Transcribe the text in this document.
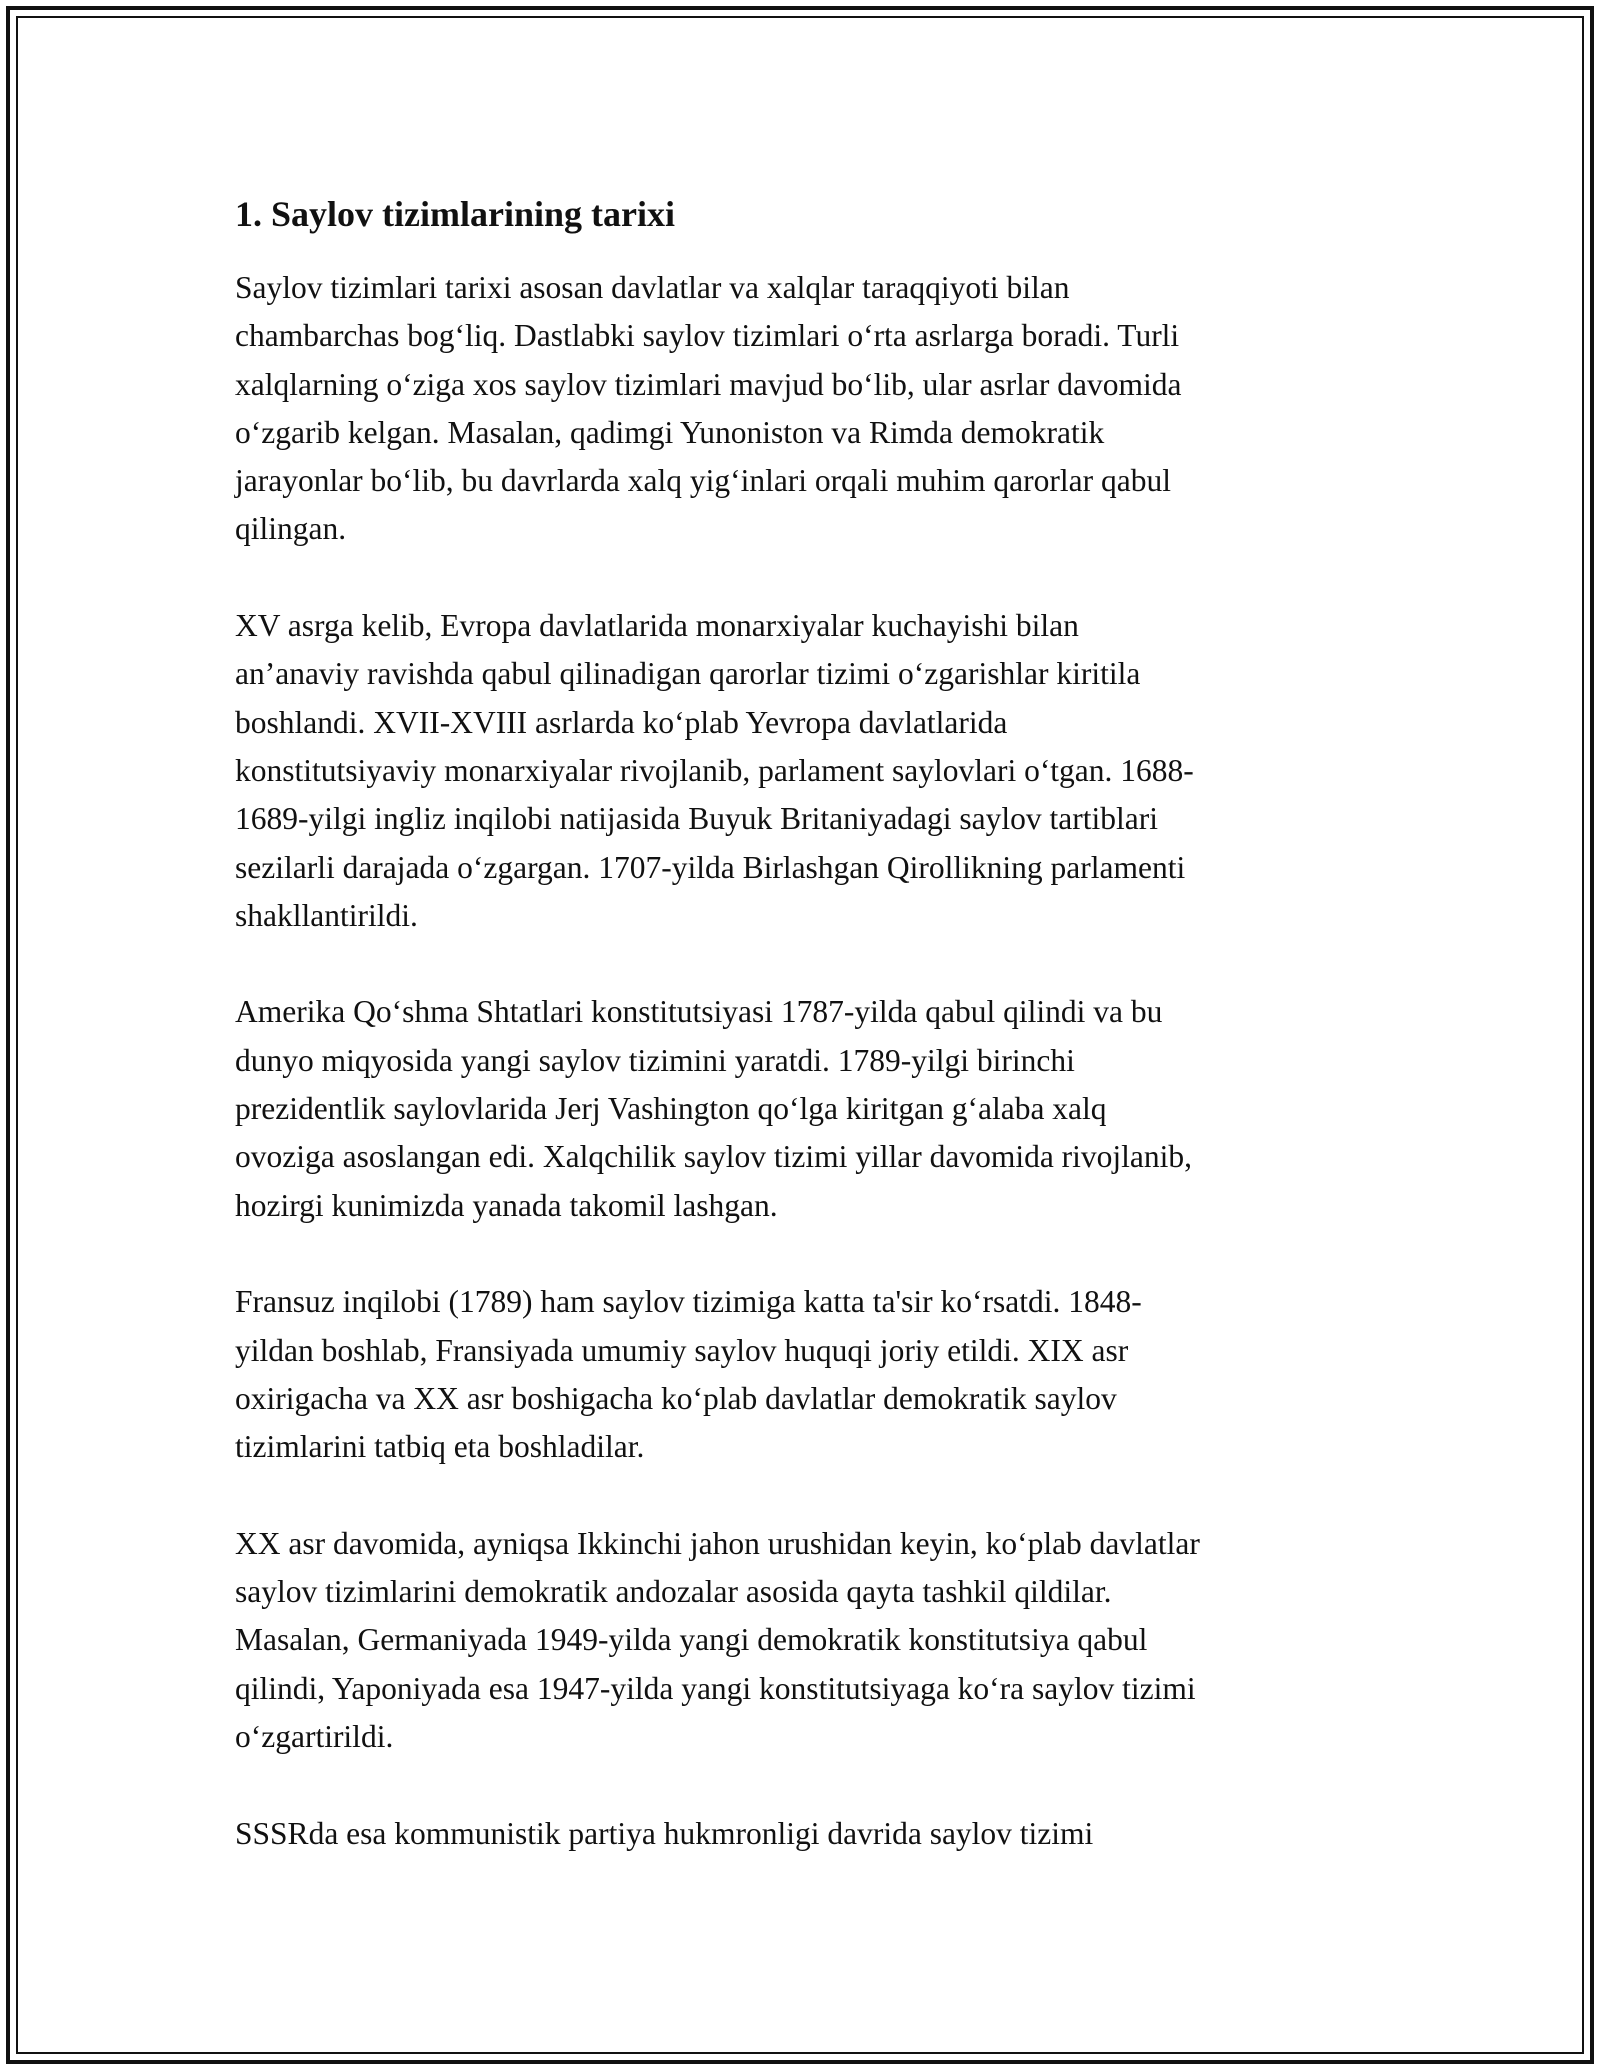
1. Saylov tizimlarining tarixi
Saylov tizimlari tarixi asosan davlatlar va xalqlar taraqqiyoti bilan
chambarchas bog‘liq. Dastlabki saylov tizimlari o‘rta asrlarga boradi. Turli
xalqlarning o‘ziga xos saylov tizimlari mavjud bo‘lib, ular asrlar davomida
o‘zgarib kelgan. Masalan, qadimgi Yunoniston va Rimda demokratik
jarayonlar bo‘lib, bu davrlarda xalq yig‘inlari orqali muhim qarorlar qabul
qilingan.
XV asrga kelib, Evropa davlatlarida monarxiyalar kuchayishi bilan
an’anaviy ravishda qabul qilinadigan qarorlar tizimi o‘zgarishlar kiritila
boshlandi. XVII-XVIII asrlarda ko‘plab Yevropa davlatlarida
konstitutsiyaviy monarxiyalar rivojlanib, parlament saylovlari o‘tgan. 1688-
1689-yilgi ingliz inqilobi natijasida Buyuk Britaniyadagi saylov tartiblari
sezilarli darajada o‘zgargan. 1707-yilda Birlashgan Qirollikning parlamenti
shakllantirildi.
Amerika Qo‘shma Shtatlari konstitutsiyasi 1787-yilda qabul qilindi va bu
dunyo miqyosida yangi saylov tizimini yaratdi. 1789-yilgi birinchi
prezidentlik saylovlarida Jerj Vashington qo‘lga kiritgan g‘alaba xalq
ovoziga asoslangan edi. Xalqchilik saylov tizimi yillar davomida rivojlanib,
hozirgi kunimizda yanada takomil lashgan.
Fransuz inqilobi (1789) ham saylov tizimiga katta ta'sir ko‘rsatdi. 1848-
yildan boshlab, Fransiyada umumiy saylov huquqi joriy etildi. XIX asr
oxirigacha va XX asr boshigacha ko‘plab davlatlar demokratik saylov
tizimlarini tatbiq eta boshladilar.
XX asr davomida, ayniqsa Ikkinchi jahon urushidan keyin, ko‘plab davlatlar
saylov tizimlarini demokratik andozalar asosida qayta tashkil qildilar.
Masalan, Germaniyada 1949-yilda yangi demokratik konstitutsiya qabul
qilindi, Yaponiyada esa 1947-yilda yangi konstitutsiyaga ko‘ra saylov tizimi
o‘zgartirildi.
SSSRda esa kommunistik partiya hukmronligi davrida saylov tizimi
